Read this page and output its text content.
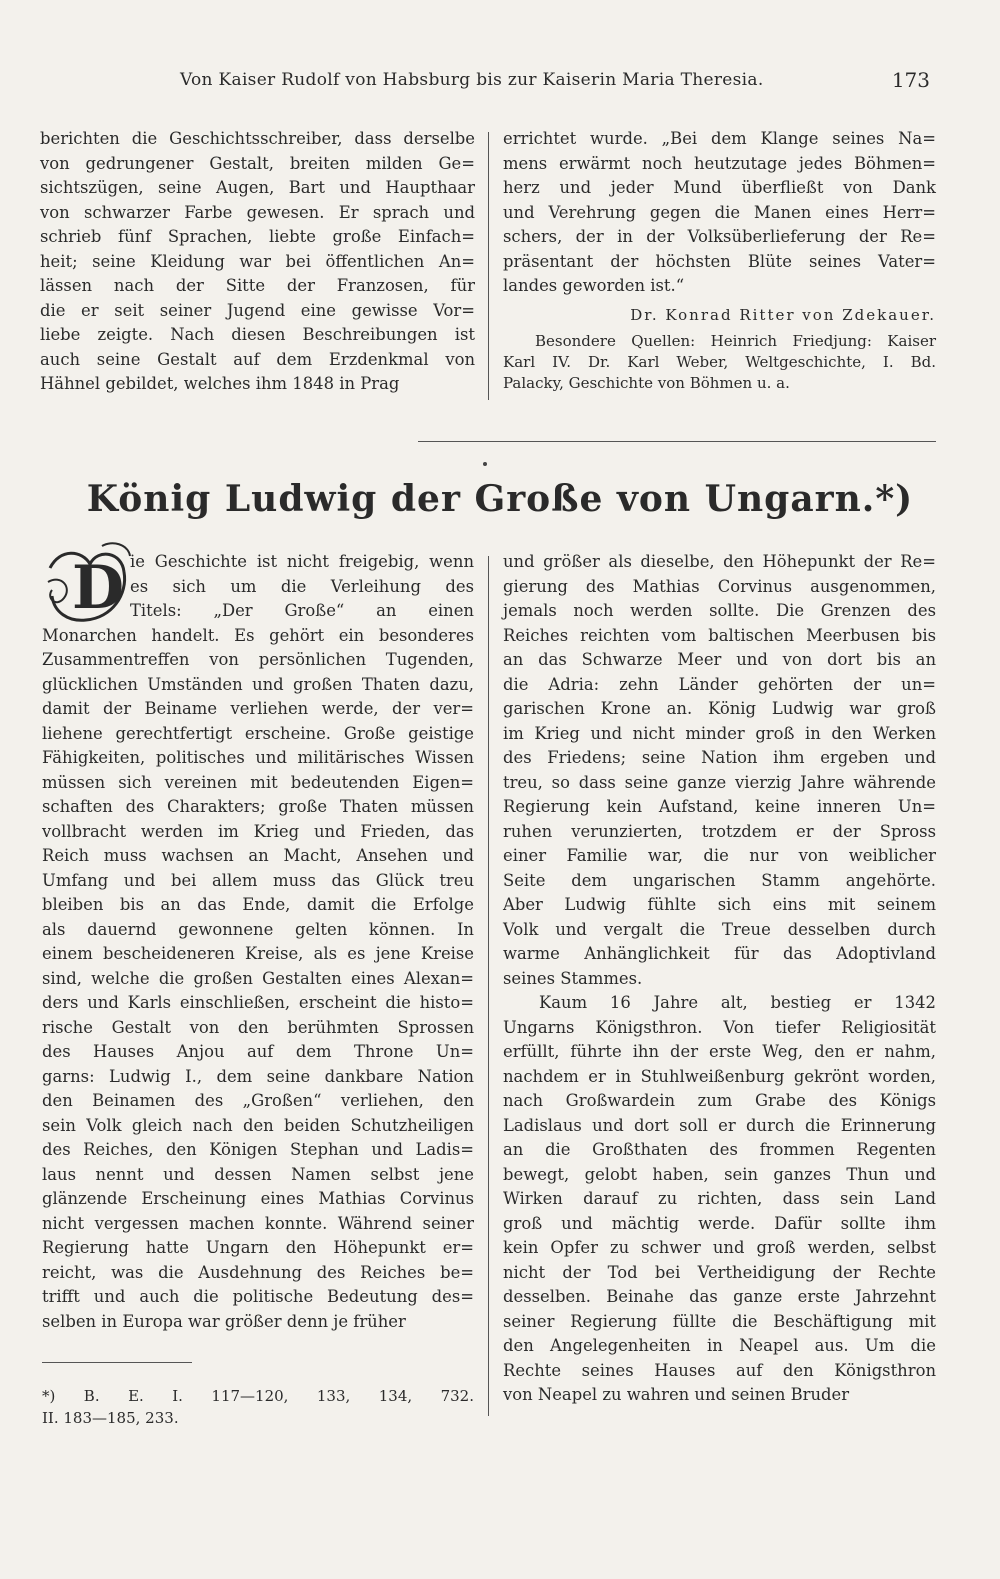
Von Kaiser Rudolf von Habsburg bis zur Kaiserin Maria Theresia.	173
berichten die Geschichtsschreiber, dass derselbe
von gedrungener Gestalt, breiten milden Ge=
sichtszügen, seine Augen, Bart und Haupthaar
von schwarzer Farbe gewesen. Er sprach und
schrieb fünf Sprachen, liebte große Einfach=
heit; seine Kleidung war bei öffentlichen An=
lässen nach der Sitte der Franzosen, für
die er seit seiner Jugend eine gewisse Vor=
liebe zeigte. Nach diesen Beschreibungen ist
auch seine Gestalt auf dem Erzdenkmal von
Hähnel gebildet, welches ihm 1848 in Prag
errichtet wurde. „Bei dem Klange seines Na=
mens erwärmt noch heutzutage jedes Böhmen=
herz und jeder Mund überfließt von Dank
und Verehrung gegen die Manen eines Herr=
schers, der in der Volksüberlieferung der Re=
präsentant der höchsten Blüte seines Vater=
landes geworden ist.“
Dr. Konrad Ritter von Zdekauer.
Besondere Quellen: Heinrich Friedjung: Kaiser
Karl IV. Dr. Karl Weber, Weltgeschichte, I. Bd.
Palacky, Geschichte von Böhmen u. a.
König Ludwig der Große von Ungarn.*)
D ie Geschichte ist nicht freigebig, wenn
es sich um die Verleihung des
Titels: „Der Große“ an einen
Monarchen handelt. Es gehört ein besonderes
Zusammentreffen von persönlichen Tugenden,
glücklichen Umständen und großen Thaten dazu,
damit der Beiname verliehen werde, der ver=
liehene gerechtfertigt erscheine. Große geistige
Fähigkeiten, politisches und militärisches Wissen
müssen sich vereinen mit bedeutenden Eigen=
schaften des Charakters; große Thaten müssen
vollbracht werden im Krieg und Frieden, das
Reich muss wachsen an Macht, Ansehen und
Umfang und bei allem muss das Glück treu
bleiben bis an das Ende, damit die Erfolge
als dauernd gewonnene gelten können. In
einem bescheideneren Kreise, als es jene Kreise
sind, welche die großen Gestalten eines Alexan=
ders und Karls einschließen, erscheint die histo=
rische Gestalt von den berühmten Sprossen
des Hauses Anjou auf dem Throne Un=
garns: Ludwig I., dem seine dankbare Nation
den Beinamen des „Großen“ verliehen, den
sein Volk gleich nach den beiden Schutzheiligen
des Reiches, den Königen Stephan und Ladis=
laus nennt und dessen Namen selbst jene
glänzende Erscheinung eines Mathias Corvinus
nicht vergessen machen konnte. Während seiner
Regierung hatte Ungarn den Höhepunkt er=
reicht, was die Ausdehnung des Reiches be=
trifft und auch die politische Bedeutung des=
selben in Europa war größer denn je früher
und größer als dieselbe, den Höhepunkt der Re=
gierung des Mathias Corvinus ausgenommen,
jemals noch werden sollte. Die Grenzen des
Reiches reichten vom baltischen Meerbusen bis
an das Schwarze Meer und von dort bis an
die Adria: zehn Länder gehörten der un=
garischen Krone an. König Ludwig war groß
im Krieg und nicht minder groß in den Werken
des Friedens; seine Nation ihm ergeben und
treu, so dass seine ganze vierzig Jahre währende
Regierung kein Aufstand, keine inneren Un=
ruhen verunzierten, trotzdem er der Spross
einer Familie war, die nur von weiblicher
Seite dem ungarischen Stamm angehörte.
Aber Ludwig fühlte sich eins mit seinem
Volk und vergalt die Treue desselben durch
warme Anhänglichkeit für das Adoptivland
seines Stammes.
Kaum 16 Jahre alt, bestieg er 1342
Ungarns Königsthron. Von tiefer Religiosität
erfüllt, führte ihn der erste Weg, den er nahm,
nachdem er in Stuhlweißenburg gekrönt worden,
nach Großwardein zum Grabe des Königs
Ladislaus und dort soll er durch die Erinnerung
an die Großthaten des frommen Regenten
bewegt, gelobt haben, sein ganzes Thun und
Wirken darauf zu richten, dass sein Land
groß und mächtig werde. Dafür sollte ihm
kein Opfer zu schwer und groß werden, selbst
nicht der Tod bei Vertheidigung der Rechte
desselben. Beinahe das ganze erste Jahrzehnt
seiner Regierung füllte die Beschäftigung mit
den Angelegenheiten in Neapel aus. Um die
Rechte seines Hauses auf den Königsthron
von Neapel zu wahren und seinen Bruder
*) B. E. I. 117—120, 133, 134, 732.
II. 183—185, 233.
